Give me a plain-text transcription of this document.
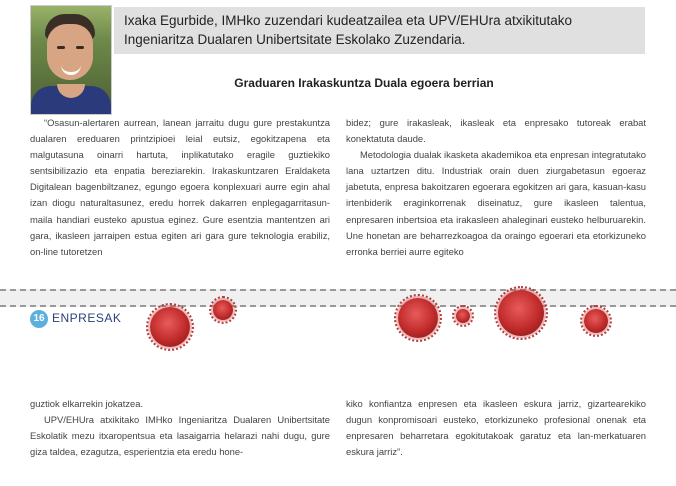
Ixaka Egurbide, IMHko zuzendari kudeatzailea eta UPV/EHUra atxikitutako
Ingeniaritza Dualaren Unibertsitate Eskolako Zuzendaria.
Graduaren Irakaskuntza Duala egoera berrian

“Osasun-alertaren aurrean, lanean jarraitu dugu gure prestakuntza dualaren ereduaren printzipioei leial eutsiz, egokitzapena eta malgutasuna oinarri hartuta, inplikatutako eragile guztiekiko sentsibilizazio eta enpatia bereziarekin. Irakaskuntzaren Eraldaketa Digitalean bagenbiltzanez, egungo egoera konplexuari aurre egin ahal izan diogu naturaltasunez, eredu horrek dakarren enplegagarritasun-maila handiari eusteko apustua eginez. Gure esentzia mantentzen ari gara, ikasleen jarraipen estua egiten ari gara gure teknologia erabiliz, on-line tutoretzen

bidez; gure irakasleak, ikasleak eta enpresako tutoreak erabat konektatuta daude.

Metodologia dualak ikasketa akademikoa eta enpresan integratutako lana uztartzen ditu. Industriak orain duen ziurgabetasun egoeraz jabetuta, enpresa bakoitzaren egoerara egokitzen ari gara, kasuan-kasu irtenbiderik eraginkorrenak diseinatuz, gure ikasleen talentua, enpresaren inbertsioa eta irakasleen ahaleginari eusteko helburuarekin. Une honetan are beharrezkoagoa da oraingo egoerari eta etorkizuneko erronka berriei aurre egiteko

16 ENPRESAK

guztiok elkarrekin jokatzea.

UPV/EHUra atxikitako IMHko Ingeniaritza Dualaren Unibertsitate Eskolatik mezu itxaropentsua eta lasaigarria helarazi nahi dugu, gure giza taldea, ezagutza, esperientzia eta eredu hone-

kiko konfiantza enpresen eta ikasleen eskura jarriz, gizartearekiko dugun konpromisoari eusteko, etorkizuneko profesional onenak eta enpresaren beharretara egokitutakoak garatuz eta lan-merkatuaren eskura jarriz”.
